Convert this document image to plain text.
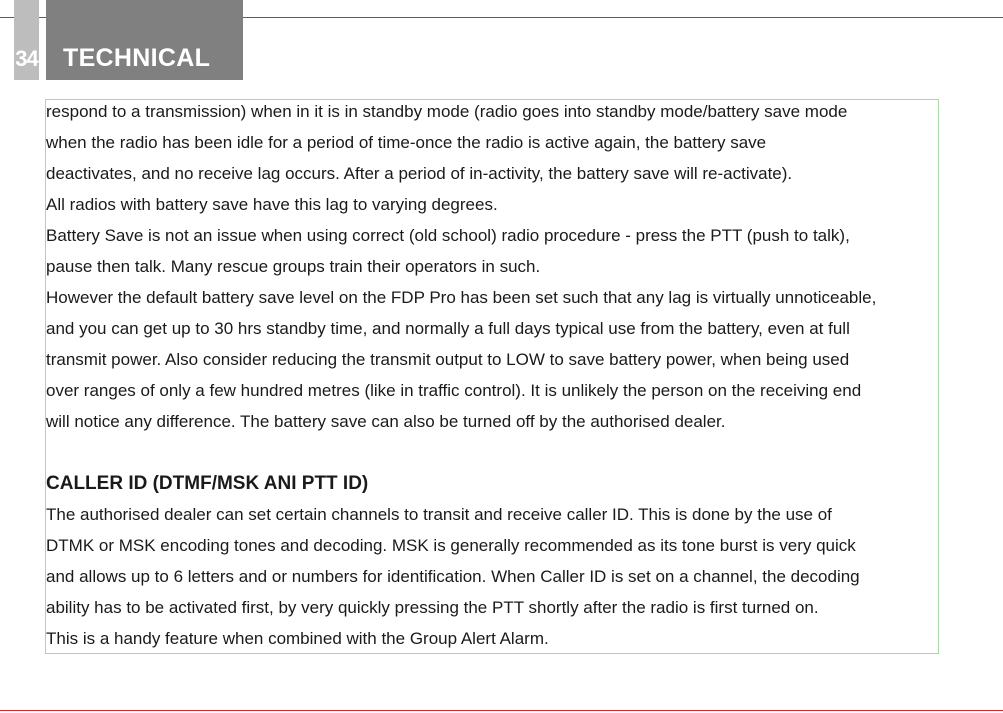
34	TECHNICAL
respond to a transmission) when in it is in standby mode (radio goes into standby mode/battery save mode
when the radio has been idle for a period of time-once the radio is active again, the battery save
deactivates, and no receive lag occurs. After a period of in-activity, the battery save will re-activate).
All radios with battery save have this lag to varying degrees.
Battery Save is not an issue when using correct (old school) radio procedure - press the PTT (push to talk),
pause then talk. Many rescue groups train their operators in such.
However the default battery save level on the FDP Pro has been set such that any lag is virtually unnoticeable,
and you can get up to 30 hrs standby time, and normally a full days typical use from the battery, even at full
transmit power. Also consider reducing the transmit output to LOW to save battery power, when being used
over ranges of only a few hundred metres (like in traffic control). It is unlikely the person on the receiving end
will notice any difference. The battery save can also be turned off by the authorised dealer.
CALLER ID (DTMF/MSK ANI PTT ID)
The authorised dealer can set certain channels to transit and receive caller ID. This is done by the use of
DTMK or MSK encoding tones and decoding. MSK is generally recommended as its tone burst is very quick
and allows up to 6 letters and or numbers for identification. When Caller ID is set on a channel, the decoding
ability has to be activated first, by very quickly pressing the PTT shortly after the radio is first turned on.
This is a handy feature when combined with the Group Alert Alarm.
